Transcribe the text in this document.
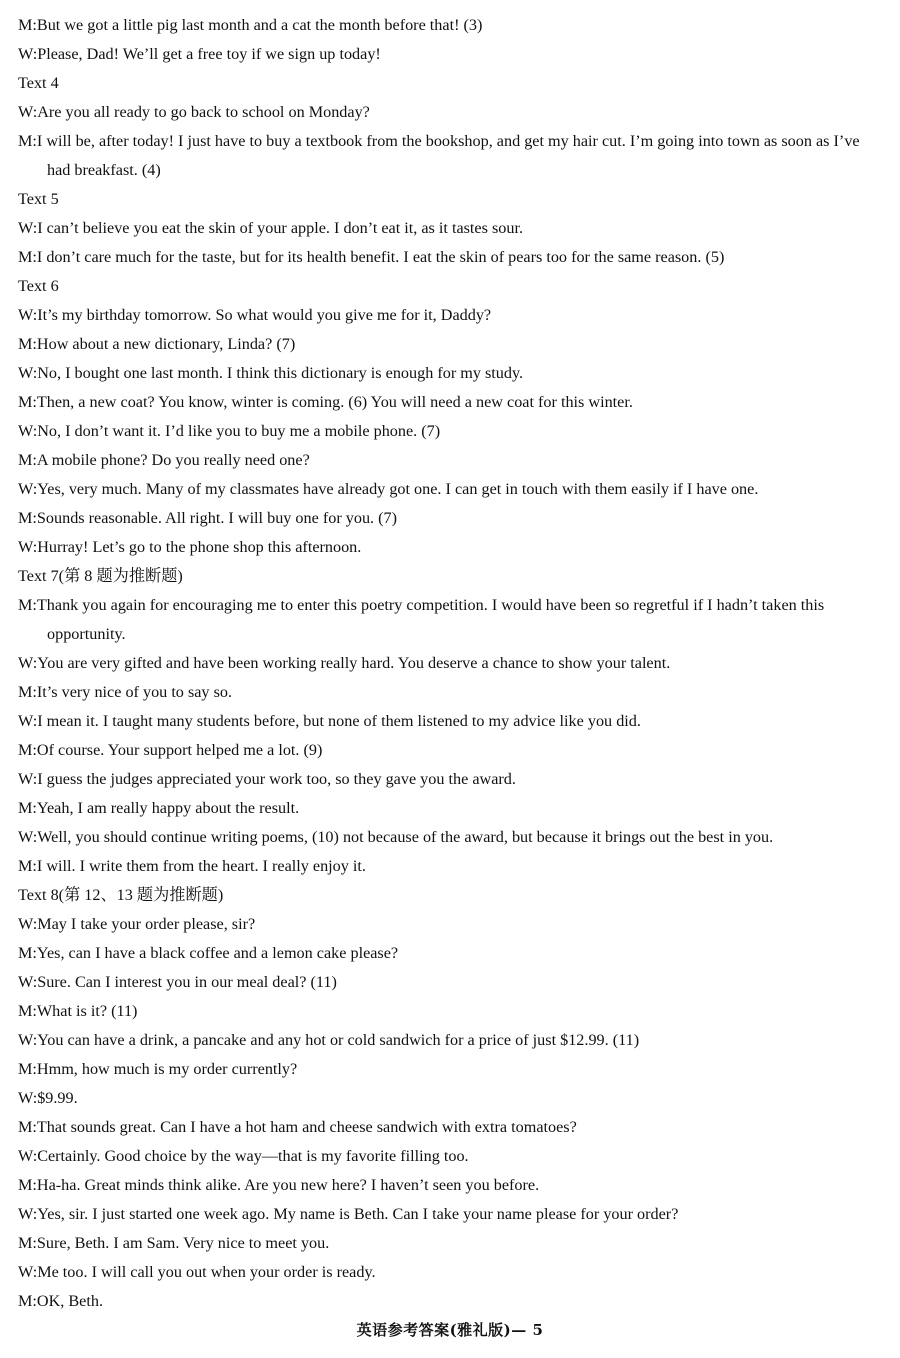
M:But we got a little pig last month and a cat the month before that! (3)
W:Please, Dad! We’ll get a free toy if we sign up today!
Text 4
W:Are you all ready to go back to school on Monday?
M:I will be, after today! I just have to buy a textbook from the bookshop, and get my hair cut. I’m going into town as soon as I’ve had breakfast. (4)
Text 5
W:I can’t believe you eat the skin of your apple. I don’t eat it, as it tastes sour.
M:I don’t care much for the taste, but for its health benefit. I eat the skin of pears too for the same reason. (5)
Text 6
W:It’s my birthday tomorrow. So what would you give me for it, Daddy?
M:How about a new dictionary, Linda? (7)
W:No, I bought one last month. I think this dictionary is enough for my study.
M:Then, a new coat? You know, winter is coming. (6) You will need a new coat for this winter.
W:No, I don’t want it. I’d like you to buy me a mobile phone. (7)
M:A mobile phone? Do you really need one?
W:Yes, very much. Many of my classmates have already got one. I can get in touch with them easily if I have one.
M:Sounds reasonable. All right. I will buy one for you. (7)
W:Hurray! Let’s go to the phone shop this afternoon.
Text 7(第 8 题为推断题)
M:Thank you again for encouraging me to enter this poetry competition. I would have been so regretful if I hadn’t taken this opportunity.
W:You are very gifted and have been working really hard. You deserve a chance to show your talent.
M:It’s very nice of you to say so.
W:I mean it. I taught many students before, but none of them listened to my advice like you did.
M:Of course. Your support helped me a lot. (9)
W:I guess the judges appreciated your work too, so they gave you the award.
M:Yeah, I am really happy about the result.
W:Well, you should continue writing poems, (10) not because of the award, but because it brings out the best in you.
M:I will. I write them from the heart. I really enjoy it.
Text 8(第 12、13 题为推断题)
W:May I take your order please, sir?
M:Yes, can I have a black coffee and a lemon cake please?
W:Sure. Can I interest you in our meal deal? (11)
M:What is it? (11)
W:You can have a drink, a pancake and any hot or cold sandwich for a price of just $12.99. (11)
M:Hmm, how much is my order currently?
W:$9.99.
M:That sounds great. Can I have a hot ham and cheese sandwich with extra tomatoes?
W:Certainly. Good choice by the way—that is my favorite filling too.
M:Ha-ha. Great minds think alike. Are you new here? I haven’t seen you before.
W:Yes, sir. I just started one week ago. My name is Beth. Can I take your name please for your order?
M:Sure, Beth. I am Sam. Very nice to meet you.
W:Me too. I will call you out when your order is ready.
M:OK, Beth.
英语参考答案(雅礼版)— 5
